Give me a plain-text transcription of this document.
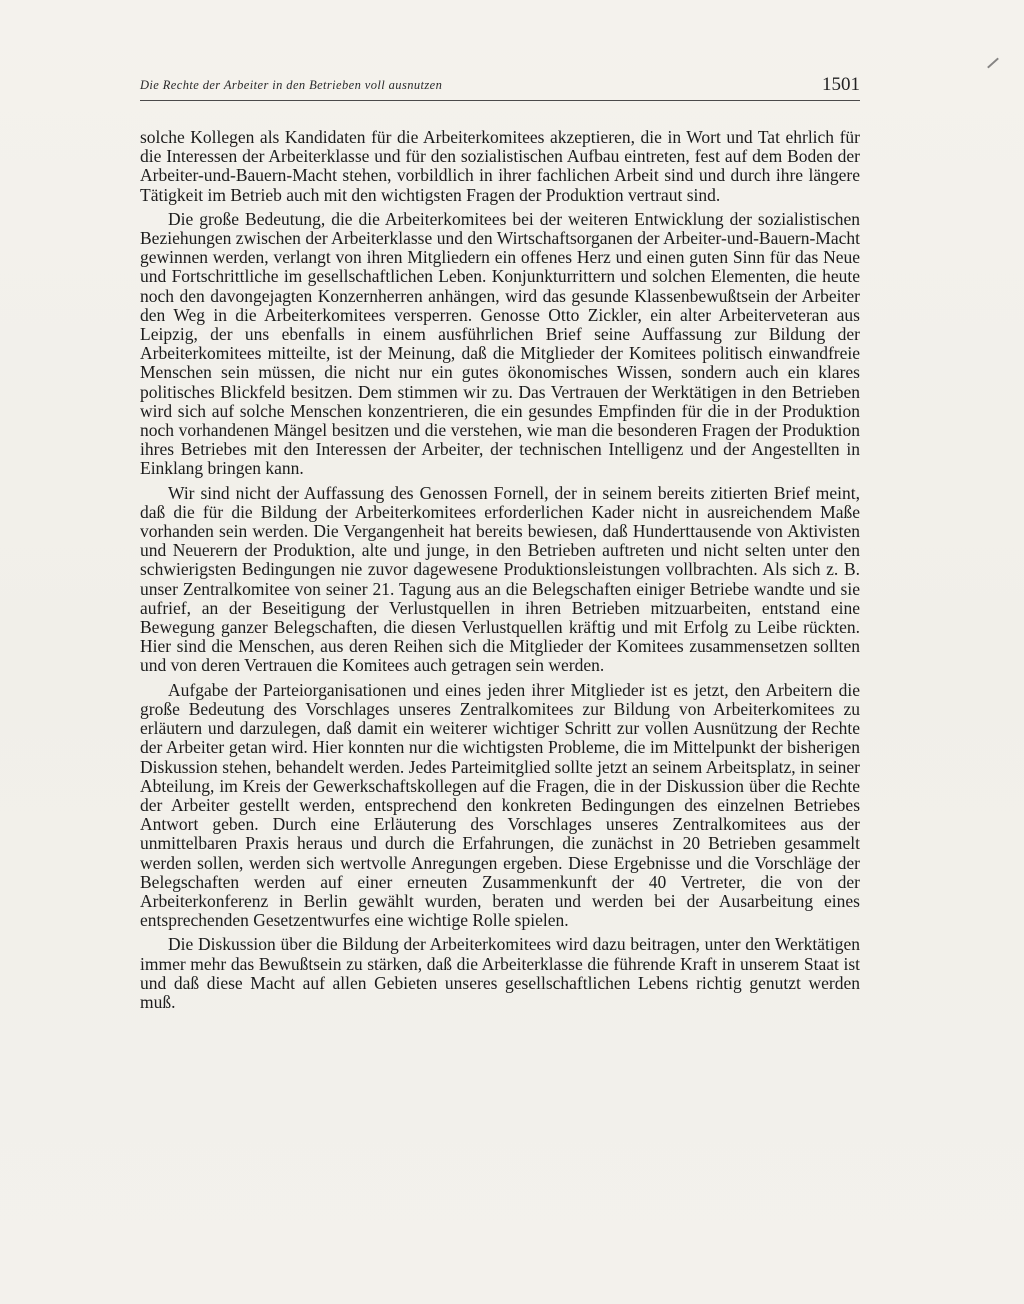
Die Rechte der Arbeiter in den Betrieben voll ausnutzen	1501

solche Kollegen als Kandidaten für die Arbeiterkomitees akzeptieren, die in Wort und Tat ehrlich für die Interessen der Arbeiterklasse und für den sozialistischen Aufbau eintreten, fest auf dem Boden der Arbeiter-und-Bauern-Macht stehen, vorbildlich in ihrer fachlichen Arbeit sind und durch ihre längere Tätigkeit im Betrieb auch mit den wichtigsten Fragen der Produktion vertraut sind.

Die große Bedeutung, die die Arbeiterkomitees bei der weiteren Entwicklung der sozialistischen Beziehungen zwischen der Arbeiterklasse und den Wirtschaftsorganen der Arbeiter-und-Bauern-Macht gewinnen werden, verlangt von ihren Mitgliedern ein offenes Herz und einen guten Sinn für das Neue und Fortschrittliche im gesellschaftlichen Leben. Konjunkturrittern und solchen Elementen, die heute noch den davongejagten Konzernherren anhängen, wird das gesunde Klassenbewußtsein der Arbeiter den Weg in die Arbeiterkomitees versperren. Genosse Otto Zickler, ein alter Arbeiterveteran aus Leipzig, der uns ebenfalls in einem ausführlichen Brief seine Auffassung zur Bildung der Arbeiterkomitees mitteilte, ist der Meinung, daß die Mitglieder der Komitees politisch einwandfreie Menschen sein müssen, die nicht nur ein gutes ökonomisches Wissen, sondern auch ein klares politisches Blickfeld besitzen. Dem stimmen wir zu. Das Vertrauen der Werktätigen in den Betrieben wird sich auf solche Menschen konzentrieren, die ein gesundes Empfinden für die in der Produktion noch vorhandenen Mängel besitzen und die verstehen, wie man die besonderen Fragen der Produktion ihres Betriebes mit den Interessen der Arbeiter, der technischen Intelligenz und der Angestellten in Einklang bringen kann.

Wir sind nicht der Auffassung des Genossen Fornell, der in seinem bereits zitierten Brief meint, daß die für die Bildung der Arbeiterkomitees erforderlichen Kader nicht in ausreichendem Maße vorhanden sein werden. Die Vergangenheit hat bereits bewiesen, daß Hunderttausende von Aktivisten und Neuerern der Produktion, alte und junge, in den Betrieben auftreten und nicht selten unter den schwierigsten Bedingungen nie zuvor dagewesene Produktionsleistungen vollbrachten. Als sich z. B. unser Zentralkomitee von seiner 21. Tagung aus an die Belegschaften einiger Betriebe wandte und sie aufrief, an der Beseitigung der Verlustquellen in ihren Betrieben mitzuarbeiten, entstand eine Bewegung ganzer Belegschaften, die diesen Verlustquellen kräftig und mit Erfolg zu Leibe rückten. Hier sind die Menschen, aus deren Reihen sich die Mitglieder der Komitees zusammensetzen sollten und von deren Vertrauen die Komitees auch getragen sein werden.

Aufgabe der Parteiorganisationen und eines jeden ihrer Mitglieder ist es jetzt, den Arbeitern die große Bedeutung des Vorschlages unseres Zentralkomitees zur Bildung von Arbeiterkomitees zu erläutern und darzulegen, daß damit ein weiterer wichtiger Schritt zur vollen Ausnützung der Rechte der Arbeiter getan wird. Hier konnten nur die wichtigsten Probleme, die im Mittelpunkt der bisherigen Diskussion stehen, behandelt werden. Jedes Parteimitglied sollte jetzt an seinem Arbeitsplatz, in seiner Abteilung, im Kreis der Gewerkschaftskollegen auf die Fragen, die in der Diskussion über die Rechte der Arbeiter gestellt werden, entsprechend den konkreten Bedingungen des einzelnen Betriebes Antwort geben. Durch eine Erläuterung des Vorschlages unseres Zentralkomitees aus der unmittelbaren Praxis heraus und durch die Erfahrungen, die zunächst in 20 Betrieben gesammelt werden sollen, werden sich wertvolle Anregungen ergeben. Diese Ergebnisse und die Vorschläge der Belegschaften werden auf einer erneuten Zusammenkunft der 40 Vertreter, die von der Arbeiterkonferenz in Berlin gewählt wurden, beraten und werden bei der Ausarbeitung eines entsprechenden Gesetzentwurfes eine wichtige Rolle spielen.

Die Diskussion über die Bildung der Arbeiterkomitees wird dazu beitragen, unter den Werktätigen immer mehr das Bewußtsein zu stärken, daß die Arbeiterklasse die führende Kraft in unserem Staat ist und daß diese Macht auf allen Gebieten unseres gesellschaftlichen Lebens richtig genutzt werden muß.
